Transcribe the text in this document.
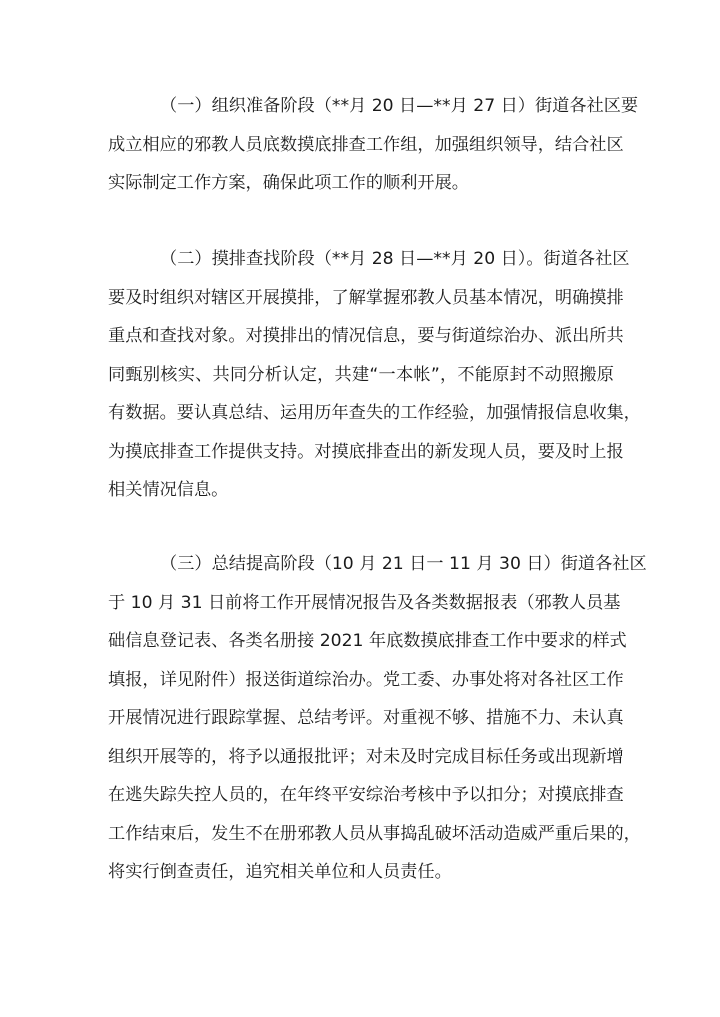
（一）组织准备阶段（**月 20 日—**月 27 日）街道各社区要
成立相应的邪教人员底数摸底排查工作组，加强组织领导，结合社区
实际制定工作方案，确保此项工作的顺利开展。
（二）摸排查找阶段（**月 28 日—**月 20 日）。街道各社区
要及时组织对辖区开展摸排，了解掌握邪教人员基本情况，明确摸排
重点和查找对象。对摸排出的情况信息，要与街道综治办、派出所共
同甄别核实、共同分析认定，共建“一本帐”，不能原封不动照搬原
有数据。要认真总结、运用历年查失的工作经验，加强情报信息收集，
为摸底排查工作提供支持。对摸底排查出的新发现人员，要及时上报
相关情况信息。
（三）总结提高阶段（10 月 21 日一 11 月 30 日）街道各社区
于 10 月 31 日前将工作开展情况报告及各类数据报表（邪教人员基
础信息登记表、各类名册接 2021 年底数摸底排查工作中要求的样式
填报，详见附件）报送街道综治办。党工委、办事处将对各社区工作
开展情况进行跟踪掌握、总结考评。对重视不够、措施不力、未认真
组织开展等的，将予以通报批评；对未及时完成目标任务或出现新增
在逃失踪失控人员的，在年终平安综治考核中予以扣分；对摸底排查
工作结束后，发生不在册邪教人员从事捣乱破坏活动造威严重后果的，
将实行倒查责任，追究相关单位和人员责任。
